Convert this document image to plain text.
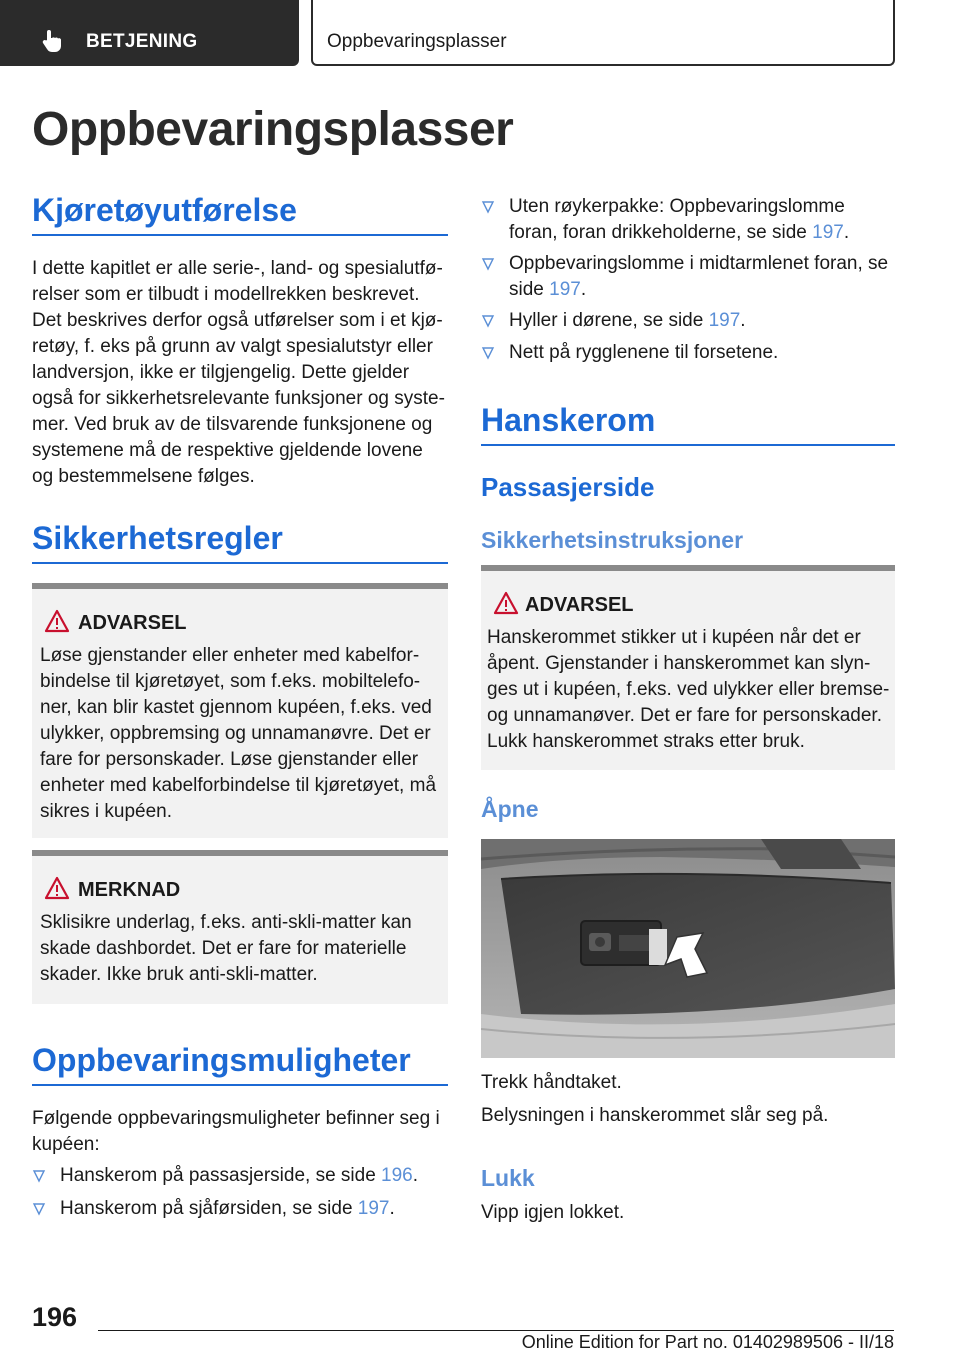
BETJENING	Oppbevaringsplasser
Oppbevaringsplasser
Kjøretøyutførelse
I dette kapitlet er alle serie-, land- og spesialutfø-
relser som er tilbudt i modellrekken beskrevet.
Det beskrives derfor også utførelser som i et kjø-
retøy, f. eks på grunn av valgt spesialutstyr eller
landversjon, ikke er tilgjengelig. Dette gjelder
også for sikkerhetsrelevante funksjoner og syste-
mer. Ved bruk av de tilsvarende funksjonene og
systemene må de respektive gjeldende lovene
og bestemmelsene følges.
Sikkerhetsregler
ADVARSEL
Løse gjenstander eller enheter med kabelfor-
bindelse til kjøretøyet, som f.eks. mobiltelefo-
ner, kan blir kastet gjennom kupéen, f.eks. ved
ulykker, oppbremsing og unnamanøvre. Det er
fare for personskader. Løse gjenstander eller
enheter med kabelforbindelse til kjøretøyet, må
sikres i kupéen.
MERKNAD
Sklisikre underlag, f.eks. anti-skli-matter kan
skade dashbordet. Det er fare for materielle
skader. Ikke bruk anti-skli-matter.
Oppbevaringsmuligheter
Følgende oppbevaringsmuligheter befinner seg i
kupéen:
Hanskerom på passasjerside, se side 196.
Hanskerom på sjåførsiden, se side 197.
Uten røykerpakke: Oppbevaringslomme
foran, foran drikkeholderne, se side 197.
Oppbevaringslomme i midtarmlenet foran, se
side 197.
Hyller i dørene, se side 197.
Nett på rygglenene til forsetene.
Hanskerom
Passasjerside
Sikkerhetsinstruksjoner
ADVARSEL
Hanskerommet stikker ut i kupéen når det er
åpent. Gjenstander i hanskerommet kan slyn-
ges ut i kupéen, f.eks. ved ulykker eller bremse-
og unnamanøver. Det er fare for personskader.
Lukk hanskerommet straks etter bruk.
Åpne
Trekk håndtaket.
Belysningen i hanskerommet slår seg på.
Lukk
Vipp igjen lokket.
196
Online Edition for Part no. 01402989506 - II/18
